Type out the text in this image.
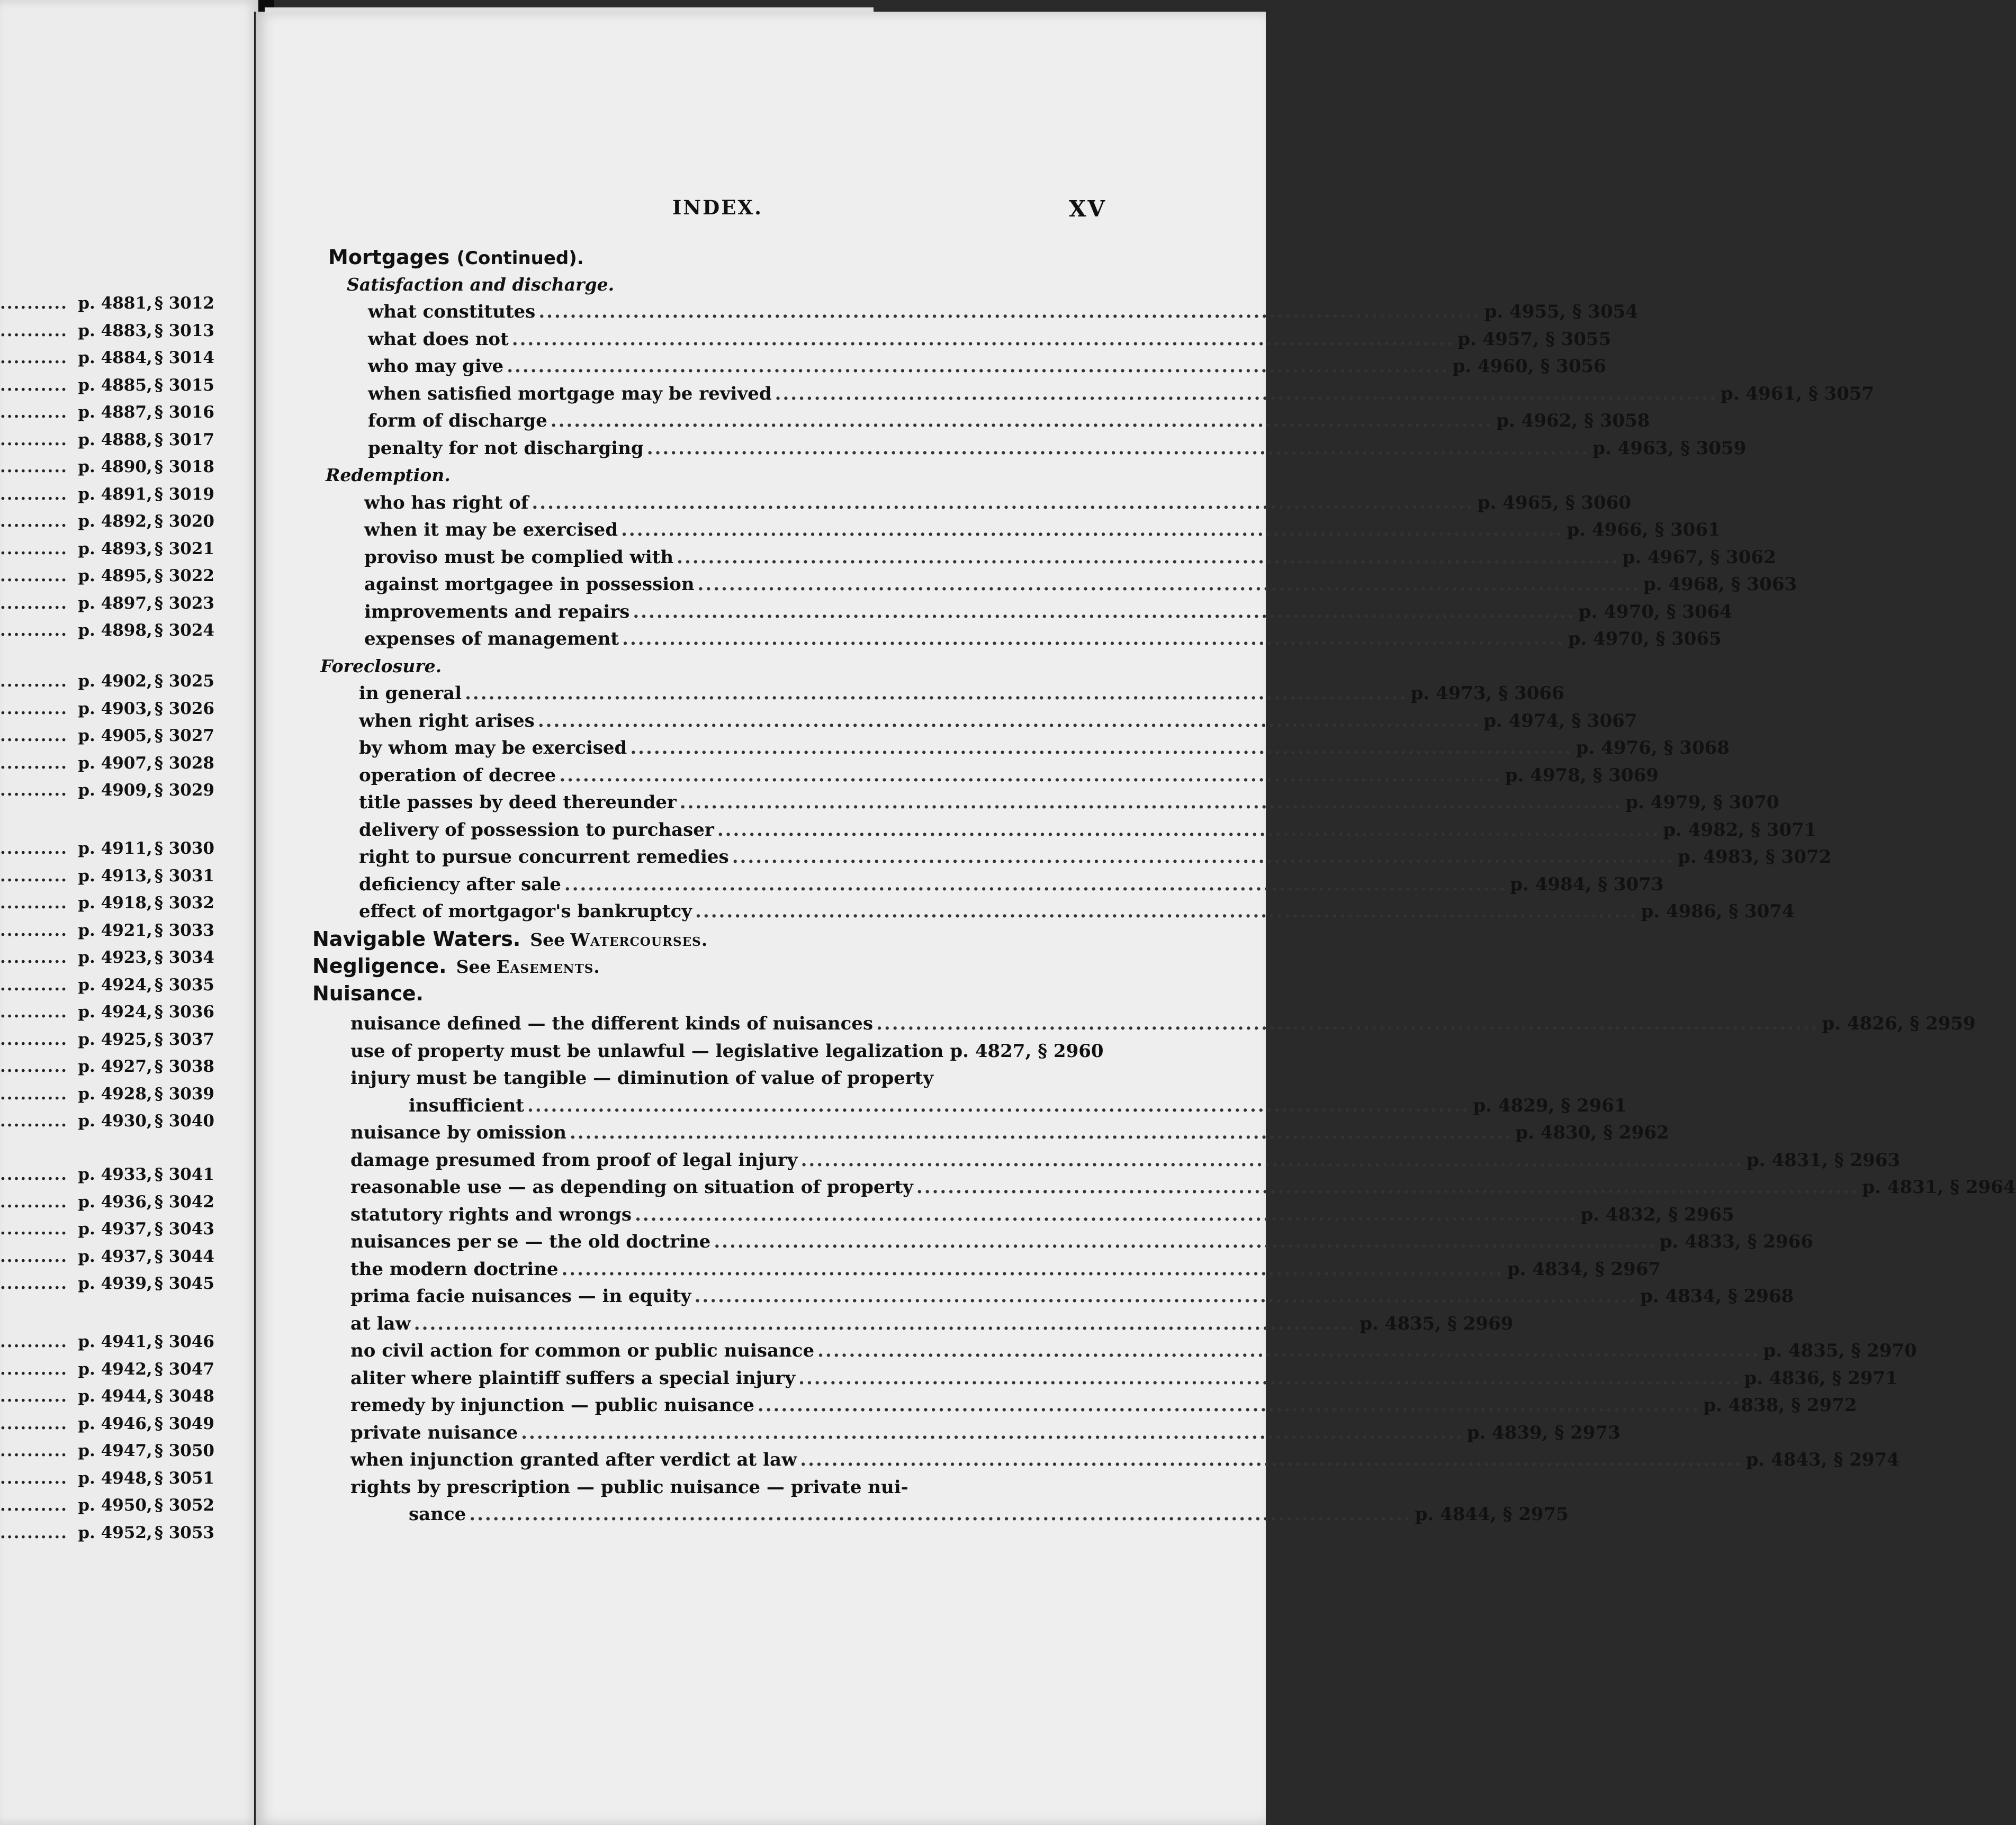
.......... p. 4881, § 3012
.......... p. 4883, § 3013
.......... p. 4884, § 3014
.......... p. 4885, § 3015
.......... p. 4887, § 3016
.......... p. 4888, § 3017
.......... p. 4890, § 3018
.......... p. 4891, § 3019
.......... p. 4892, § 3020
.......... p. 4893, § 3021
.......... p. 4895, § 3022
.......... p. 4897, § 3023
.......... p. 4898, § 3024
.......... p. 4902, § 3025
.......... p. 4903, § 3026
.......... p. 4905, § 3027
.......... p. 4907, § 3028
.......... p. 4909, § 3029
.......... p. 4911, § 3030
.......... p. 4913, § 3031
.......... p. 4918, § 3032
.......... p. 4921, § 3033
.......... p. 4923, § 3034
.......... p. 4924, § 3035
.......... p. 4924, § 3036
.......... p. 4925, § 3037
.......... p. 4927, § 3038
.......... p. 4928, § 3039
.......... p. 4930, § 3040
.......... p. 4933, § 3041
.......... p. 4936, § 3042
.......... p. 4937, § 3043
.......... p. 4937, § 3044
.......... p. 4939, § 3045
.......... p. 4941, § 3046
.......... p. 4942, § 3047
.......... p. 4944, § 3048
.......... p. 4946, § 3049
.......... p. 4947, § 3050
.......... p. 4948, § 3051
.......... p. 4950, § 3052
.......... p. 4952, § 3053
INDEX.	XV
Mortgages (Continued).
Satisfaction and discharge.
what constitutes ........................................................................................................................ p. 4955, § 3054
what does not ........................................................................................................................ p. 4957, § 3055
who may give ........................................................................................................................ p. 4960, § 3056
when satisfied mortgage may be revived ........................................................................................................................ p. 4961, § 3057
form of discharge ........................................................................................................................ p. 4962, § 3058
penalty for not discharging ........................................................................................................................ p. 4963, § 3059
Redemption.
who has right of ........................................................................................................................ p. 4965, § 3060
when it may be exercised ........................................................................................................................ p. 4966, § 3061
proviso must be complied with ........................................................................................................................ p. 4967, § 3062
against mortgagee in possession ........................................................................................................................ p. 4968, § 3063
improvements and repairs ........................................................................................................................ p. 4970, § 3064
expenses of management ........................................................................................................................ p. 4970, § 3065
Foreclosure.
in general ........................................................................................................................ p. 4973, § 3066
when right arises ........................................................................................................................ p. 4974, § 3067
by whom may be exercised ........................................................................................................................ p. 4976, § 3068
operation of decree ........................................................................................................................ p. 4978, § 3069
title passes by deed thereunder ........................................................................................................................ p. 4979, § 3070
delivery of possession to purchaser ........................................................................................................................ p. 4982, § 3071
right to pursue concurrent remedies ........................................................................................................................ p. 4983, § 3072
deficiency after sale ........................................................................................................................ p. 4984, § 3073
effect of mortgagor's bankruptcy ........................................................................................................................ p. 4986, § 3074
Navigable Waters. See Watercourses.
Negligence. See Easements.
Nuisance.
nuisance defined — the different kinds of nuisances ........................................................................................................................ p. 4826, § 2959
use of property must be unlawful — legislative legalization p. 4827, § 2960
injury must be tangible — diminution of value of property
insufficient ........................................................................................................................ p. 4829, § 2961
nuisance by omission ........................................................................................................................ p. 4830, § 2962
damage presumed from proof of legal injury ........................................................................................................................ p. 4831, § 2963
reasonable use — as depending on situation of property ........................................................................................................................ p. 4831, § 2964
statutory rights and wrongs ........................................................................................................................ p. 4832, § 2965
nuisances per se — the old doctrine ........................................................................................................................ p. 4833, § 2966
the modern doctrine ........................................................................................................................ p. 4834, § 2967
prima facie nuisances — in equity ........................................................................................................................ p. 4834, § 2968
at law ........................................................................................................................ p. 4835, § 2969
no civil action for common or public nuisance ........................................................................................................................ p. 4835, § 2970
aliter where plaintiff suffers a special injury ........................................................................................................................ p. 4836, § 2971
remedy by injunction — public nuisance ........................................................................................................................ p. 4838, § 2972
private nuisance ........................................................................................................................ p. 4839, § 2973
when injunction granted after verdict at law ........................................................................................................................ p. 4843, § 2974
rights by prescription — public nuisance — private nui-
sance ........................................................................................................................ p. 4844, § 2975
